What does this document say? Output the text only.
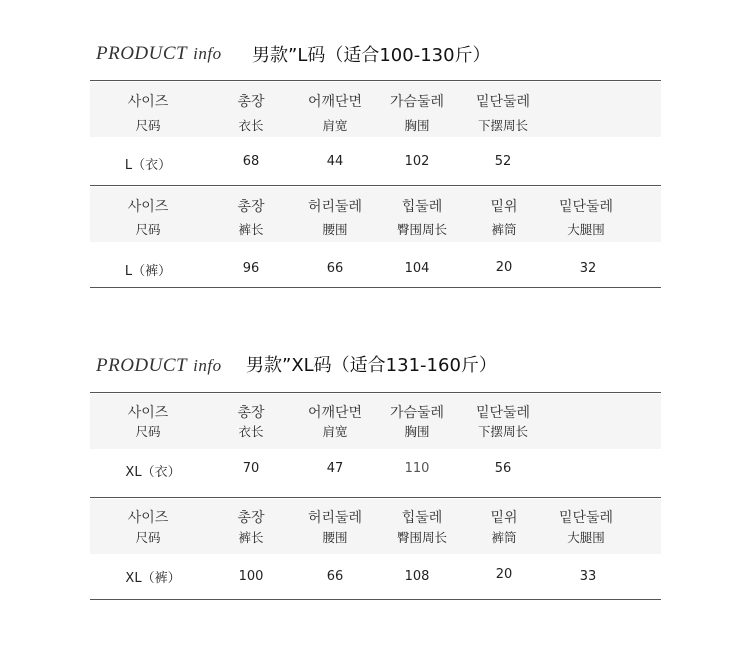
PRODUCT info 男款”L码（适合100-130斤）
사이즈	총장	어깨단면	가슴둘레	밑단둘레
尺码	衣长	肩宽	胸围	下摆周长
L（衣）	68	44	102	52
사이즈	총장	허리둘레	힙둘레	밑위	밑단둘레
尺码	裤长	腰围	臀围周长	裤筒	大腿围
L（裤）	96	66	104	20	32
PRODUCT info 男款”XL码（适合131-160斤）
사이즈	총장	어깨단면	가슴둘레	밑단둘레
尺码	衣长	肩宽	胸围	下摆周长
XL（衣）	70	47	110	56
사이즈	총장	허리둘레	힙둘레	밑위	밑단둘레
尺码	裤长	腰围	臀围周长	裤筒	大腿围
XL（裤）	100	66	108	20	33
